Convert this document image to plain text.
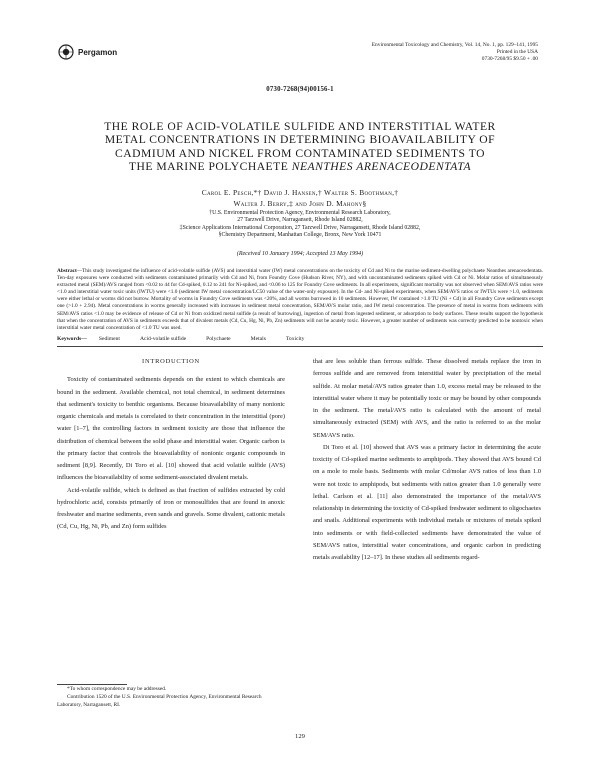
Pergamon
Environmental Toxicology and Chemistry, Vol. 14, No. 1, pp. 129–141, 1995
Printed in the USA
0730-7268/95 $9.50 + .00
0730-7268(94)00156-1
THE ROLE OF ACID-VOLATILE SULFIDE AND INTERSTITIAL WATER
METAL CONCENTRATIONS IN DETERMINING BIOAVAILABILITY OF
CADMIUM AND NICKEL FROM CONTAMINATED SEDIMENTS TO
THE MARINE POLYCHAETE NEANTHES ARENACEODENTATA
Carol E. Pesch,*† David J. Hansen,† Walter S. Boothman,†
Walter J. Berry,‡ and John D. Mahony§
†U.S. Environmental Protection Agency, Environmental Research Laboratory,
27 Tarzwell Drive, Narragansett, Rhode Island 02882,
‡Science Applications International Corporation, 27 Tarzwell Drive, Narragansett, Rhode Island 02882,
§Chemistry Department, Manhattan College, Bronx, New York 10471
(Received 10 January 1994; Accepted 13 May 1994)
Abstract—This study investigated the influence of acid-volatile sulfide (AVS) and interstitial water (IW) metal concentrations on the toxicity of Cd and Ni to the marine sediment-dwelling polychaete Neanthes arenaceodentata. Ten-day exposures were conducted with sediments contaminated primarily with Cd and Ni, from Foundry Cove (Hudson River, NY), and with uncontaminated sediments spiked with Cd or Ni. Molar ratios of simultaneously extracted metal (SEM)/AVS ranged from <0.02 to 44 for Cd-spiked, 0.12 to 241 for Ni-spiked, and <0.06 to 125 for Foundry Cove sediments. In all experiments, significant mortality was not observed when SEM/AVS ratios were <1.0 and interstitial water toxic units (IWTU) were <1.0 (sediment IW metal concentration/LC50 value of the water-only exposure). In the Cd- and Ni-spiked experiments, when SEM/AVS ratios or IWTUs were >1.0, sediments were either lethal or worms did not burrow. Mortality of worms in Foundry Cove sediments was <20%, and all worms burrowed in 10 sediments. However, IW contained >1.0 TU (Ni + Cd) in all Foundry Cove sediments except one (>1.0 + 2.94). Metal concentrations in worms generally increased with increases in sediment metal concentration, SEM/AVS molar ratio, and IW metal concentration. The presence of metal in worms from sediments with SEM/AVS ratios <1.0 may be evidence of release of Cd or Ni from oxidized metal sulfide (a result of burrowing), ingestion of metal from ingested sediment, or adsorption to body surfaces. These results support the hypothesis that when the concentration of AVS in sediments exceeds that of divalent metals (Cd, Cu, Hg, Ni, Pb, Zn) sediments will not be acutely toxic. However, a greater number of sediments was correctly predicted to be nontoxic when interstitial water metal concentration of <1.0 TU was used.
Keywords— Sediment	Acid-volatile sulfide	Polychaete	Metals	Toxicity
INTRODUCTION

Toxicity of contaminated sediments depends on the extent to which chemicals are bound in the sediment. Available chemical, not total chemical, in sediment determines that sediment's toxicity to benthic organisms. Because bioavailability of many nonionic organic chemicals and metals is correlated to their concentration in the interstitial (pore) water [1–7], the controlling factors in sediment toxicity are those that influence the distribution of chemical between the solid phase and interstitial water. Organic carbon is the primary factor that controls the bioavailability of nonionic organic compounds in sediment [8,9]. Recently, Di Toro et al. [10] showed that acid volatile sulfide (AVS) influences the bioavailability of some sediment-associated divalent metals.

Acid-volatile sulfide, which is defined as that fraction of sulfides extracted by cold hydrochloric acid, consists primarily of iron or monosulfides that are found in anoxic freshwater and marine sediments, even sands and gravels. Some divalent, cationic metals (Cd, Cu, Hg, Ni, Pb, and Zn) form sulfides

that are less soluble than ferrous sulfide. These dissolved metals replace the iron in ferrous sulfide and are removed from interstitial water by precipitation of the metal sulfide. At molar metal/AVS ratios greater than 1.0, excess metal may be released to the interstitial water where it may be potentially toxic or may be bound by other compounds in the sediment. The metal/AVS ratio is calculated with the amount of metal simultaneously extracted (SEM) with AVS, and the ratio is referred to as the molar SEM/AVS ratio.

Di Toro et al. [10] showed that AVS was a primary factor in determining the acute toxicity of Cd-spiked marine sediments to amphipods. They showed that AVS bound Cd on a mole to mole basis. Sediments with molar Cd/molar AVS ratios of less than 1.0 were not toxic to amphipods, but sediments with ratios greater than 1.0 generally were lethal. Carlson et al. [11] also demonstrated the importance of the metal/AVS relationship in determining the toxicity of Cd-spiked freshwater sediment to oligochaetes and snails. Additional experiments with individual metals or mixtures of metals spiked into sediments or with field-collected sediments have demonstrated the value of SEM/AVS ratios, interstitial water concentrations, and organic carbon in predicting metals availability [12–17]. In these studies all sediments regard-

*To whom correspondence may be addressed.

Contribution 1520 of the U.S. Environmental Protection Agency, Environmental Research Laboratory, Narragansett, RI.

129
